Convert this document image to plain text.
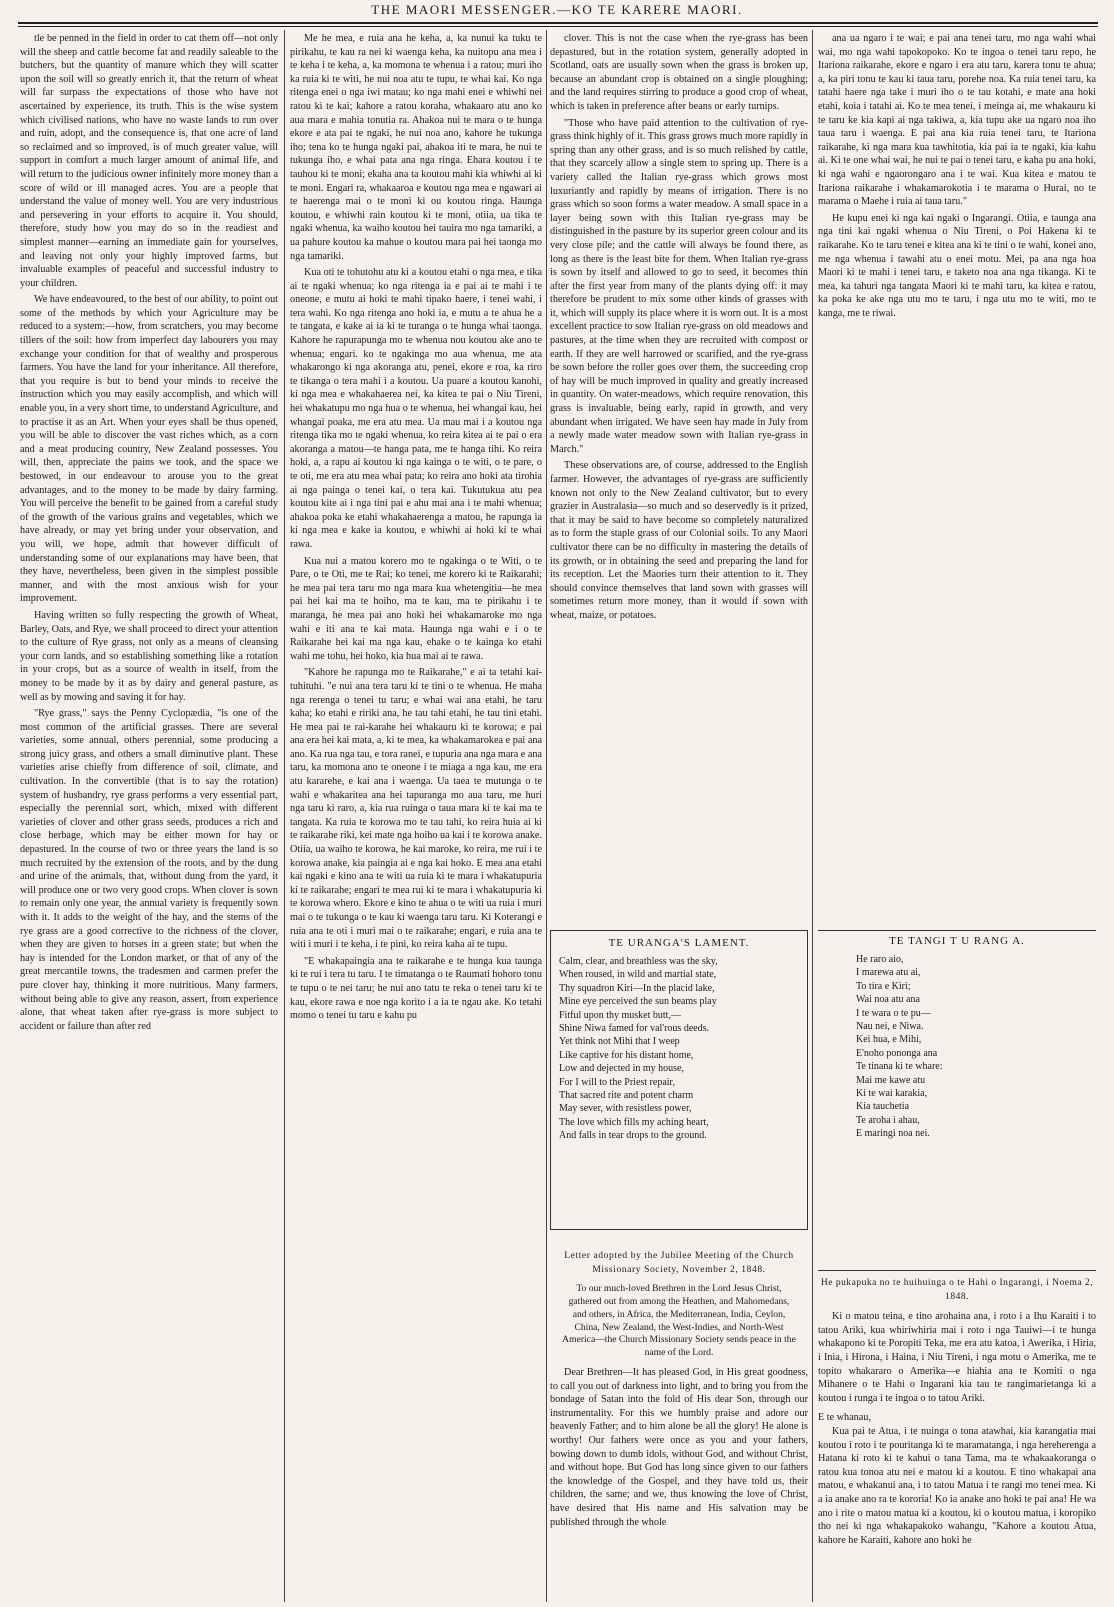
THE MAORI MESSENGER.—KO TE KARERE MAORI.

tle be penned in the field in order to cat them off—not only will the sheep and cattle become fat and readily saleable to the butchers, but the quantity of manure which they will scatter upon the soil will so greatly enrich it, that the return of wheat will far surpass the expectations of those who have not ascertained by experience, its truth. This is the wise system which civilised nations, who have no waste lands to run over and ruin, adopt, and the consequence is, that one acre of land so reclaimed and so improved, is of much greater value, will support in comfort a much larger amount of animal life, and will return to the judicious owner infinitely more money than a score of wild or ill managed acres. You are a people that understand the value of money well. You are very industrious and persevering in your efforts to acquire it. You should, therefore, study how you may do so in the readiest and simplest manner—earning an immediate gain for yourselves, and leaving not only your highly improved farms, but invaluable examples of peaceful and successful industry to your children.

We have endeavoured, to the best of our ability, to point out some of the methods by which your Agriculture may be reduced to a system:—how, from scratchers, you may become tillers of the soil: how from imperfect day labourers you may exchange your condition for that of wealthy and prosperous farmers. You have the land for your inheritance. All therefore, that you require is but to bend your minds to receive the instruction which you may easily accomplish, and which will enable you, in a very short time, to understand Agriculture, and to practise it as an Art. When your eyes shall be thus opened, you will be able to discover the vast riches which, as a corn and a meat producing country, New Zealand possesses. You will, then, appreciate the pains we took, and the space we bestowed, in our endeavour to arouse you to the great advantages, and to the money to be made by dairy farming. You will perceive the benefit to be gained from a careful study of the growth of the various grains and vegetables, which we have already, or may yet bring under your observation, and you will, we hope, admit that however difficult of understanding some of our explanations may have been, that they have, nevertheless, been given in the simplest possible manner, and with the most anxious wish for your improvement.

Having written so fully respecting the growth of Wheat, Barley, Oats, and Rye, we shall proceed to direct your attention to the culture of Rye grass, not only as a means of cleansing your corn lands, and so establishing something like a rotation in your crops, but as a source of wealth in itself, from the money to be made by it as by dairy and general pasture, as well as by mowing and saving it for hay.

"Rye grass," says the Penny Cyclopædia, "is one of the most common of the artificial grasses. There are several varieties, some annual, others perennial, some producing a strong juicy grass, and others a small diminutive plant. These varieties arise chiefly from difference of soil, climate, and cultivation. In the convertible (that is to say the rotation) system of husbandry, rye grass performs a very essential part, especially the perennial sort, which, mixed with different varieties of clover and other grass seeds, produces a rich and close herbage, which may be either mown for hay or depastured. In the course of two or three years the land is so much recruited by the extension of the roots, and by the dung and urine of the animals, that, without dung from the yard, it will produce one or two very good crops. When clover is sown to remain only one year, the annual variety is frequently sown with it. It adds to the weight of the hay, and the stems of the rye grass are a good corrective to the richness of the clover, when they are given to horses in a green state; but when the hay is intended for the London market, or that of any of the great mercantile towns, the tradesmen and carmen prefer the pure clover hay, thinking it more nutritious. Many farmers, without being able to give any reason, assert, from experience alone, that wheat taken after rye-grass is more subject to accident or failure than after red

Me he mea, e ruia ana he keha, a, ka nunui ka tuku te pirikahu, te kau ra nei ki waenga keha, ka nuitopu ana mea i te keha i te keha, a, ka momona te whenua i a ratou; muri iho ka ruia ki te witi, he nui noa atu te tupu, te whai kai. Ko nga ritenga enei o nga iwi matau; ko nga mahi enei e whiwhi nei ratou ki te kai; kahore a ratou koraha, whakaaro atu ano ko aua mara e mahia tonutia ra. Ahakoa nui te mara o te hunga ekore e ata pai te ngaki, he nui noa ano, kahore he tukunga iho; tena ko te hunga ngaki pai, ahakoa iti te mara, he nui te tukunga iho, e whai pata ana nga ringa. Ehara koutou i te tauhou ki te moni; ekaha ana ta koutou mahi kia whiwhi ai ki te moni. Engari ra, whakaaroa e koutou nga mea e ngawari ai te haerenga mai o te moni ki ou koutou ringa. Haunga koutou, e whiwhi rain koutou ki te moni, otiia, ua tika te ngaki whenua, ka waiho koutou hei tauira mo nga tamariki, a ua pahure koutou ka mahue o koutou mara pai hei taonga mo nga tamariki.

Kua oti te tohutohu atu ki a koutou etahi o nga mea, e tika ai te ngaki whenua; ko nga ritenga ia e pai ai te mahi i te oneone, e mutu ai hoki te mahi tipako haere, i tenei wahi, i tera wahi. Ko nga ritenga ano hoki ia, e mutu a te ahua he a te tangata, e kake ai ia ki te turanga o te hunga whai taonga. Kahore he rapurapunga mo te whenua nou koutou ake ano te whenua; engari. ko te ngakinga mo aua whenua, me ata whakarongo ki nga akoranga atu, penei, ekore e roa, ka riro te tikanga o tera mahi i a koutou. Ua puare a koutou kanohi, ki nga mea e whakahaerea nei, ka kitea te pai o Niu Tireni, hei whakatupu mo nga hua o te whenua, hei whangai kau, hei whangai poaka, me era atu mea. Ua mau mai i a koutou nga ritenga tika mo te ngaki whenua, ko reira kitea ai te pai o era akoranga a matou—te hanga pata, me te hanga tihi. Ko reira hoki, a, a rapu ai koutou ki nga kainga o te witi, o te pare, o te oti, me era atu mea whai pata; ko reira ano hoki ata tirohia ai nga painga o tenei kai, o tera kai. Tukutukua atu pea koutou kite ai i nga tini pai e ahu mai ana i te mahi whenua; ahakoa poka ke etahi whakahaerenga a matou, he rapunga ia ki nga mea e kake ia koutou, e whiwhi ai hoki ki te whai rawa.

Kua nui a matou korero mo te ngakinga o te Witi, o te Pare, o te Oti, me te Rai; ko tenei, me korero ki te Raikarahi; he mea pai tera taru mo nga mara kua whetengitia—he mea pai hei kai ma te hoiho, ma te kau, ma te pirikahu i te maranga, he mea pai ano hoki hei whakamaroke mo nga wahi e iti ana te kai mata. Haunga nga wahi e i o te Raikarahe hei kai ma nga kau, ehake o te kainga ko etahi wahi me tohu, hei hoko, kia hua mai ai te rawa.

"Kahore he rapunga mo te Raikarahe," e ai ta tetahi kai-tuhituhi. "e nui ana tera taru ki te tini o te whenua. He maha nga rerenga o tenei tu taru; e whai wai ana etahi, he taru kaha; ko etahi e ririki ana, he tau tahi etahi, he tau tini etahi. He mea pai te rai-karahe hei whakauru ki te korowa; e pai ana era hei kai mata, a, ki te mea, ka whakamarokea e pai ana ano. Ka rua nga tau, e tora ranei, e tupuria ana nga mara e ana taru, ka momona ano te oneone i te miaga a nga kau, me era atu kararehe, e kai ana i waenga. Ua taea te mutunga o te wahi e whakaritea ana hei tapuranga mo aua taru, me huri nga taru ki raro, a, kia rua ruinga o taua mara ki te kai ma te tangata. Ka ruia te korowa mo te tau tahi, ko reira huia ai ki te raikarahe riki, kei mate nga hoiho ua kai i te korowa anake. Otiia, ua waiho te korowa, he kai maroke, ko reira, me rui i te korowa anake, kia paingia ai e nga kai hoko. E mea ana etahi kai ngaki e kino ana te witi ua ruia ki te mara i whakatupuria ki te raikarahe; engari te mea rui ki te mara i whakatupuria ki te korowa whero. Ekore e kino te ahua o te witi ua ruia i muri mai o te tukunga o te kau ki waenga taru taru. Ki Koterangi e ruia ana te oti i muri mai o te raikarahe; engari, e ruia ana te witi i muri i te keha, i te pini, ko reira kaha ai te tupu.

"E whakapaingia ana te raikarahe e te hunga kua taunga ki te rui i tera tu taru. I te timatanga o te Raumati hohoro tonu te tupu o te nei taru; he nui ano tatu te reka o tenei taru ki te kau, ekore rawa e noe nga korito i a ia te ngau ake. Ko tetahi momo o tenei tu taru e kahu pu

clover. This is not the case when the rye-grass has been depastured, but in the rotation system, generally adopted in Scotland, oats are usually sown when the grass is broken up, because an abundant crop is obtained on a single ploughing; and the land requires stirring to produce a good crop of wheat, which is taken in preference after beans or early turnips.

"Those who have paid attention to the cultivation of rye-grass think highly of it. This grass grows much more rapidly in spring than any other grass, and is so much relished by cattle, that they scarcely allow a single stem to spring up. There is a variety called the Italian rye-grass which grows most luxuriantly and rapidly by means of irrigation. There is no grass which so soon forms a water meadow. A small space in a layer being sown with this Italian rye-grass may be distinguished in the pasture by its superior green colour and its very close pile; and the cattle will always be found there, as long as there is the least bite for them. When Italian rye-grass is sown by itself and allowed to go to seed, it becomes thin after the first year from many of the plants dying off: it may therefore be prudent to mix some other kinds of grasses with it, which will supply its place where it is worn out. It is a most excellent practice to sow Italian rye-grass on old meadows and pastures, at the time when they are recruited with compost or earth. If they are well harrowed or scarified, and the rye-grass be sown before the roller goes over them, the succeeding crop of hay will be much improved in quality and greatly increased in quantity. On water-meadows, which require renovation, this grass is invaluable, being early, rapid in growth, and very abundant when irrigated. We have seen hay made in July from a newly made water meadow sown with Italian rye-grass in March."

These observations are, of course, addressed to the English farmer. However, the advantages of rye-grass are sufficiently known not only to the New Zealand cultivator, but to every grazier in Australasia—so much and so deservedly is it prized, that it may be said to have become so completely naturalized as to form the staple grass of our Colonial soils. To any Maori cultivator there can be no difficulty in mastering the details of its growth, or in obtaining the seed and preparing the land for its reception. Let the Maories turn their attention to it. They should convince themselves that land sown with grasses will sometimes return more money, than it would if sown with wheat, maize, or potatoes.

ana ua ngaro i te wai; e pai ana tenei taru, mo nga wahi whai wai, mo nga wahi tapokopoko. Ko te ingoa o tenei taru repo, he Itariona raikarahe, ekore e ngaro i era atu taru, karera tonu te ahua; a, ka piri tonu te kau ki taua taru, porehe noa. Ka ruia tenei taru, ka tatahi haere nga take i muri iho o te tau kotahi, e mate ana hoki etahi, koia i tatahi ai. Ko te mea tenei, i meinga ai, me whakauru ki te taru ke kia kapi ai nga takiwa, a, kia tupu ake ua ngaro noa iho taua taru i waenga. E pai ana kia ruia tenei taru, te Itariona raikarahe, ki nga mara kua tawhitotia, kia pai ia te ngaki, kia kahu ai. Ki te one whai wai, he nui te pai o tenei taru, e kaha pu ana hoki, ki nga wahi e ngaorongaro ana i te wai. Kua kitea e matou te Itariona raikarahe i whakamarokotia i te marama o Hurai, no te marama o Maehe i ruia ai taua taru."

He kupu enei ki nga kai ngaki o Ingarangi. Otiia, e taunga ana nga tini kai ngaki whenua o Niu Tireni, o Poi Hakena ki te raikarahe. Ko te taru tenei e kitea ana ki te tini o te wahi, konei ano, me nga whenua i tawahi atu o enei motu. Mei, pa ana nga hoa Maori ki te mahi i tenei taru, e taketo noa ana nga tikanga. Ki te mea, ka tahuri nga tangata Maori ki te mahi taru, ka kitea e ratou, ka poka ke ake nga utu mo te taru, i nga utu mo te witi, mo te kanga, me te riwai.

TE URANGA'S LAMENT.
Calm, clear, and breathless was the sky,
When roused, in wild and martial state,
Thy squadron Kiri—In the placid lake,
Mine eye perceived the sun beams play
Fitful upon thy musket butt,—
Shine Niwa famed for val'rous deeds.
Yet think not Mihi that I weep
Like captive for his distant home,
Low and dejected in my house,
For I will to the Priest repair,
That sacred rite and potent charm
May sever, with resistless power,
The love which fills my aching heart,
And falls in tear drops to the ground.
TE TANGI T U RANG A.
He raro aio,
I marewa atu ai,
To tira e Kiri;
Wai noa atu ana
I te wara o te pu—
Nau nei, e Niwa.
Kei hua, e Mihi,
E'noho pononga ana
Te tinana ki te whare:
Mai me kawe atu
Ki te wai karakia,
Kia tauchetia
Te aroha i ahau,
E maringi noa nei.
Letter adopted by the Jubilee Meeting of the Church Missionary Society, November 2, 1848.
To our much-loved Brethren in the Lord Jesus Christ, gathered out from among the Heathen, and Mahomedans, and others, in Africa, the Mediterranean, India, Ceylon, China, New Zealand, the West-Indies, and North-West America—the Church Missionary Society sends peace in the name of the Lord.

Dear Brethren—It has pleased God, in His great goodness, to call you out of darkness into light, and to bring you from the bondage of Satan into the fold of His dear Son, through our instrumentality. For this we humbly praise and adore our heavenly Father; and to him alone be all the glory! He alone is worthy! Our fathers were once as you and your fathers, bowing down to dumb idols, without God, and without Christ, and without hope. But God has long since given to our fathers the knowledge of the Gospel, and they have told us, their children, the same; and we, thus knowing the love of Christ, have desired that His name and His salvation may be published through the whole

He pukapuka no te huihuinga o te Hahi o Ingarangi, i Noema 2, 1848.

Ki o matou teina, e tino arohaina ana, i roto i a Ihu Karaiti i to tatou Ariki, kua whiriwhiria mai i roto i nga Tauiwi—i te hunga whakapono ki te Poropiti Teka, me era atu katoa, i Awerika, i Hiria, i Inia, i Hirona, i Haina, i Niu Tireni, i nga motu o Amerika, me te topito whakararo o Amerika—e hiahia ana te Komiti o nga Mihanere o te Hahi o Ingarani kia tau te rangimarietanga ki a koutou i runga i te ingoa o to tatou Ariki.

E te whanau,

Kua pai te Atua, i te nuinga o tona atawhai, kia karangatia mai koutou i roto i te pouritanga ki te maramatanga, i nga hereherenga a Hatana ki roto ki te kahui o tana Tama, ma te whakaakoranga o ratou kua tonoa atu nei e matou ki a koutou. E tino whakapai ana matou, e whakanui ana, i to tatou Matua i te rangi mo tenei mea. Ki a ia anake ano ra te kororia! Ko ia anake ano hoki te pai ana! He wa ano i rite o matou matua ki a koutou, ki o koutou matua, i koropiko tho nei ki nga whakapakoko wahangu, "Kahore a koutou Atua, kahore he Karaiti, kahore ano hoki he
